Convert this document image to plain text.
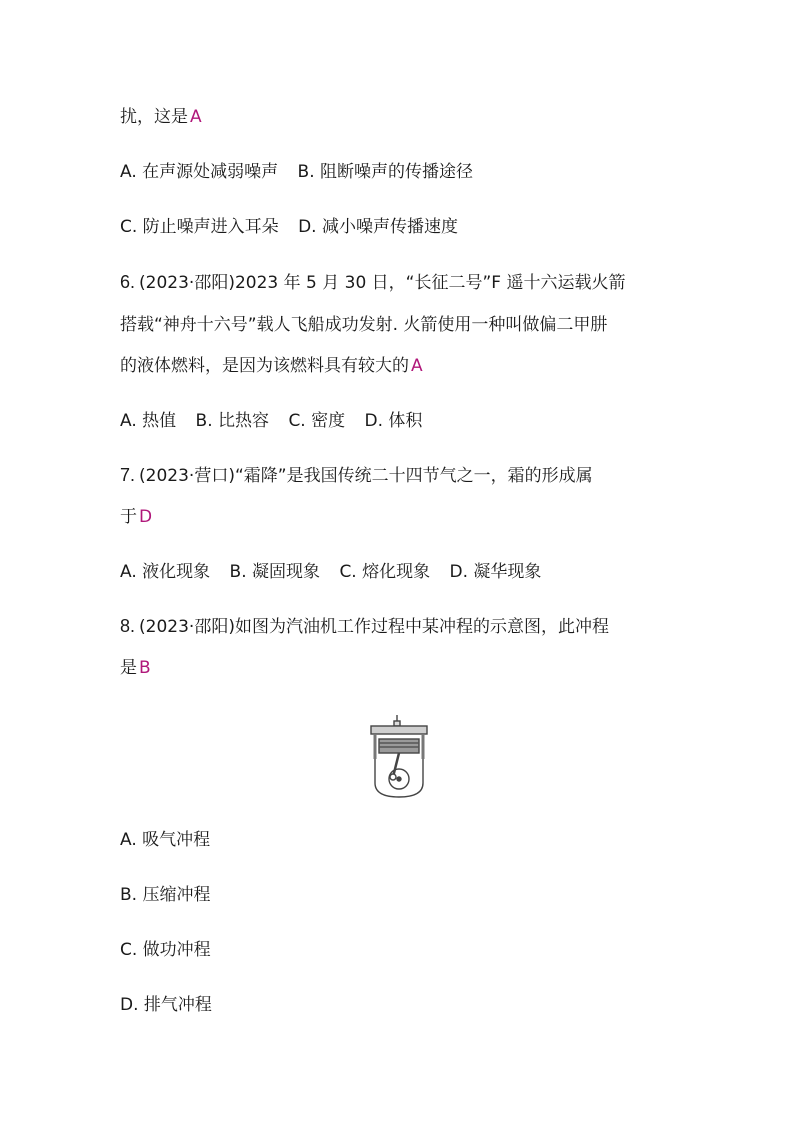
扰，这是 A
A. 在声源处减弱噪声 B. 阻断噪声的传播途径
C. 防止噪声进入耳朵 D. 减小噪声传播速度
6. (2023·邵阳)2023 年 5 月 30 日，“长征二号”F 遥十六运载火箭
搭载“神舟十六号”载人飞船成功发射. 火箭使用一种叫做偏二甲肼
的液体燃料，是因为该燃料具有较大的 A
A. 热值 B. 比热容 C. 密度 D. 体积
7. (2023·营口)“霜降”是我国传统二十四节气之一，霜的形成属
于 D
A. 液化现象 B. 凝固现象 C. 熔化现象 D. 凝华现象
8. (2023·邵阳)如图为汽油机工作过程中某冲程的示意图，此冲程
是 B
A. 吸气冲程
B. 压缩冲程
C. 做功冲程
D. 排气冲程
